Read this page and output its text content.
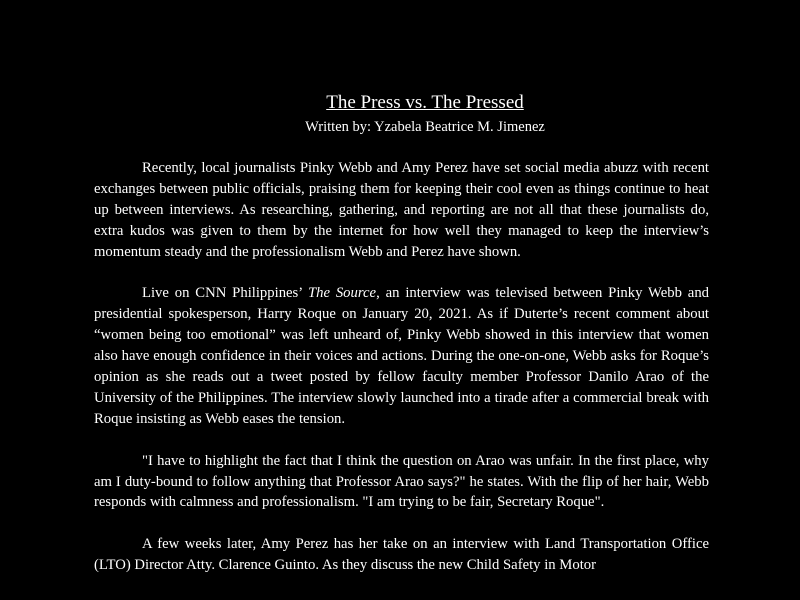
The Press vs. The Pressed

Written by: Yzabela Beatrice M. Jimenez

Recently, local journalists Pinky Webb and Amy Perez have set social media abuzz with recent exchanges between public officials, praising them for keeping their cool even as things continue to heat up between interviews. As researching, gathering, and reporting are not all that these journalists do, extra kudos was given to them by the internet for how well they managed to keep the interview’s momentum steady and the professionalism Webb and Perez have shown.

Live on CNN Philippines’ The Source, an interview was televised between Pinky Webb and presidential spokesperson, Harry Roque on January 20, 2021. As if Duterte’s recent comment about “women being too emotional” was left unheard of, Pinky Webb showed in this interview that women also have enough confidence in their voices and actions. During the one-on-one, Webb asks for Roque’s opinion as she reads out a tweet posted by fellow faculty member Professor Danilo Arao of the University of the Philippines. The interview slowly launched into a tirade after a commercial break with Roque insisting as Webb eases the tension.

"I have to highlight the fact that I think the question on Arao was unfair. In the first place, why am I duty-bound to follow anything that Professor Arao says?" he states. With the flip of her hair, Webb responds with calmness and professionalism. "I am trying to be fair, Secretary Roque".

A few weeks later, Amy Perez has her take on an interview with Land Transportation Office (LTO) Director Atty. Clarence Guinto. As they discuss the new Child Safety in Motor
